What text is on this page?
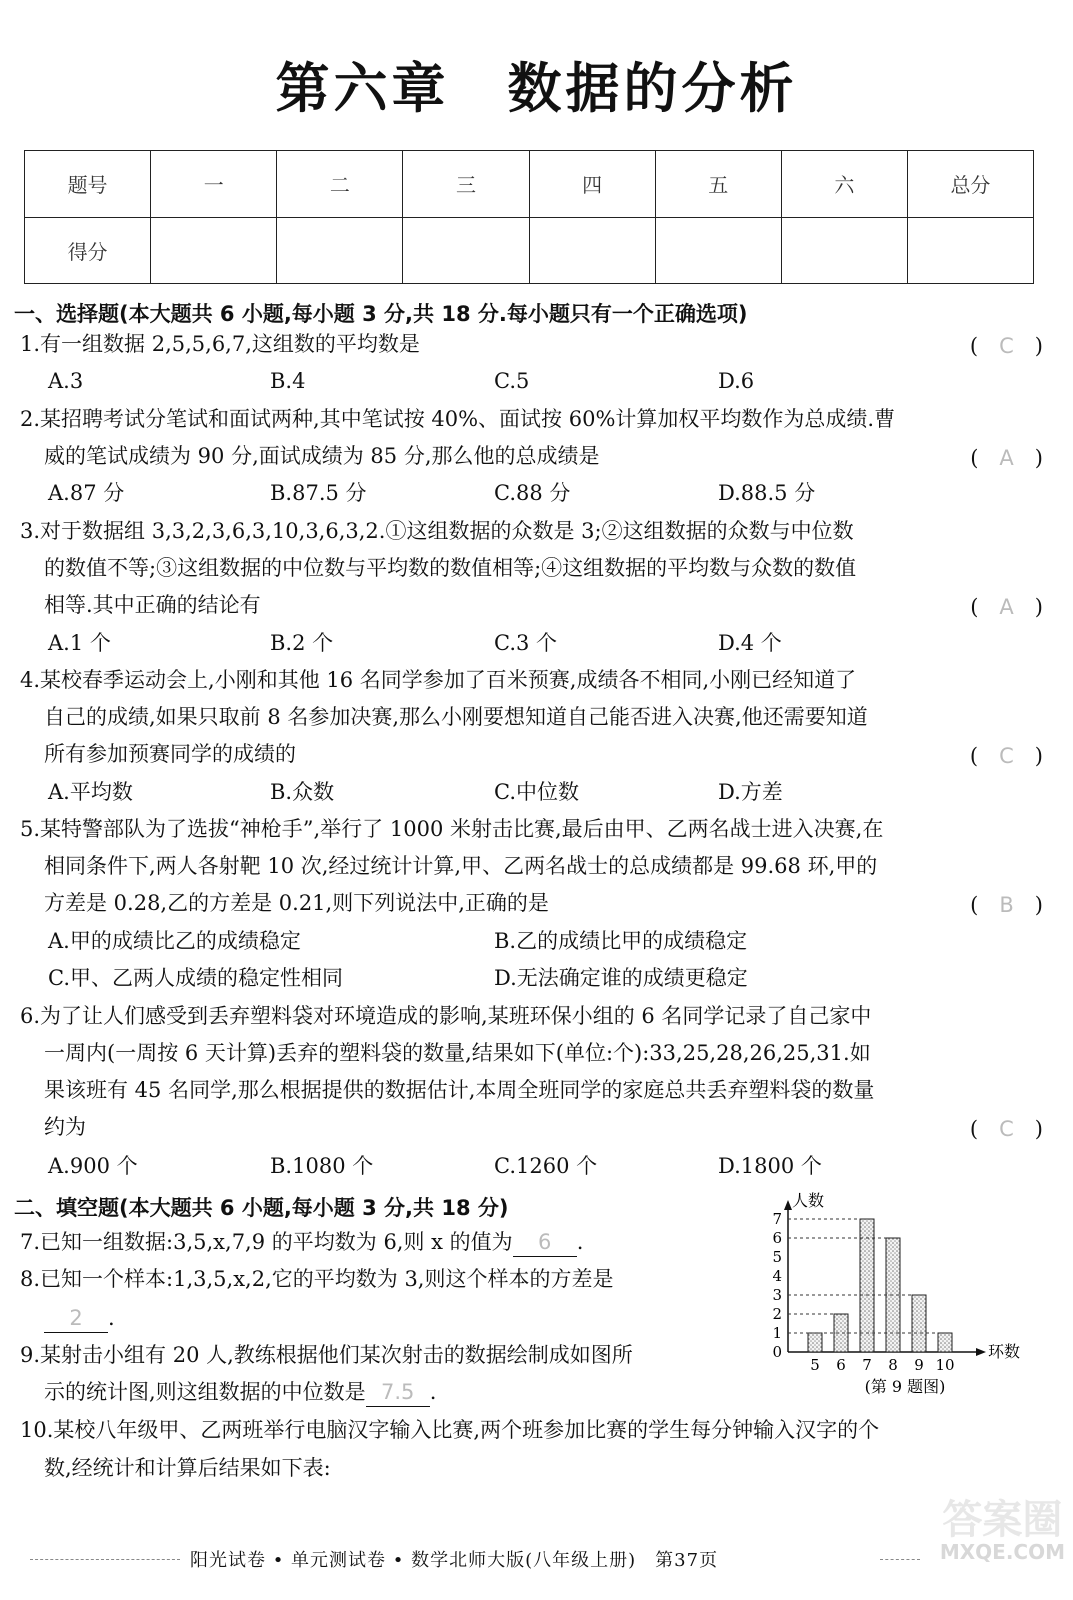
第六章　数据的分析
题号	一	二	三	四	五	六	总分
得分							
一、选择题(本大题共 6 小题,每小题 3 分,共 18 分.每小题只有一个正确选项)
1.有一组数据 2,5,5,6,7,这组数的平均数是	(　C　)
A.3	B.4	C.5	D.6
2.某招聘考试分笔试和面试两种,其中笔试按 40%、面试按 60%计算加权平均数作为总成绩.曹
威的笔试成绩为 90 分,面试成绩为 85 分,那么他的总成绩是	(　A　)
A.87 分	B.87.5 分	C.88 分	D.88.5 分
3.对于数据组 3,3,2,3,6,3,10,3,6,3,2.①这组数据的众数是 3;②这组数据的众数与中位数
的数值不等;③这组数据的中位数与平均数的数值相等;④这组数据的平均数与众数的数值
相等.其中正确的结论有	(　A　)
A.1 个	B.2 个	C.3 个	D.4 个
4.某校春季运动会上,小刚和其他 16 名同学参加了百米预赛,成绩各不相同,小刚已经知道了
自己的成绩,如果只取前 8 名参加决赛,那么小刚要想知道自己能否进入决赛,他还需要知道
所有参加预赛同学的成绩的	(　C　)
A.平均数	B.众数	C.中位数	D.方差
5.某特警部队为了选拔“神枪手”,举行了 1000 米射击比赛,最后由甲、乙两名战士进入决赛,在
相同条件下,两人各射靶 10 次,经过统计计算,甲、乙两名战士的总成绩都是 99.68 环,甲的
方差是 0.28,乙的方差是 0.21,则下列说法中,正确的是	(　B　)
A.甲的成绩比乙的成绩稳定	B.乙的成绩比甲的成绩稳定
C.甲、乙两人成绩的稳定性相同	D.无法确定谁的成绩更稳定
6.为了让人们感受到丢弃塑料袋对环境造成的影响,某班环保小组的 6 名同学记录了自己家中
一周内(一周按 6 天计算)丢弃的塑料袋的数量,结果如下(单位:个):33,25,28,26,25,31.如
果该班有 45 名同学,那么根据提供的数据估计,本周全班同学的家庭总共丢弃塑料袋的数量
约为	(　C　)
A.900 个	B.1080 个	C.1260 个	D.1800 个
二、填空题(本大题共 6 小题,每小题 3 分,共 18 分)
7.已知一组数据:3,5,x,7,9 的平均数为 6,则 x 的值为 6 .
8.已知一个样本:1,3,5,x,2,它的平均数为 3,则这个样本的方差是
2 .
9.某射击小组有 20 人,教练根据他们某次射击的数据绘制成如图所
示的统计图,则这组数据的中位数是 7.5 .
10.某校八年级甲、乙两班举行电脑汉字输入比赛,两个班参加比赛的学生每分钟输入汉字的个
数,经统计和计算后结果如下表:
人数
环数
(第 9 题图)
0
1
2
3
4
5
6
7
5 6 7 8 9 10
阳光试卷 • 单元测试卷 • 数学北师大版(八年级上册)　第37页
答案圈
MXQE.COM
